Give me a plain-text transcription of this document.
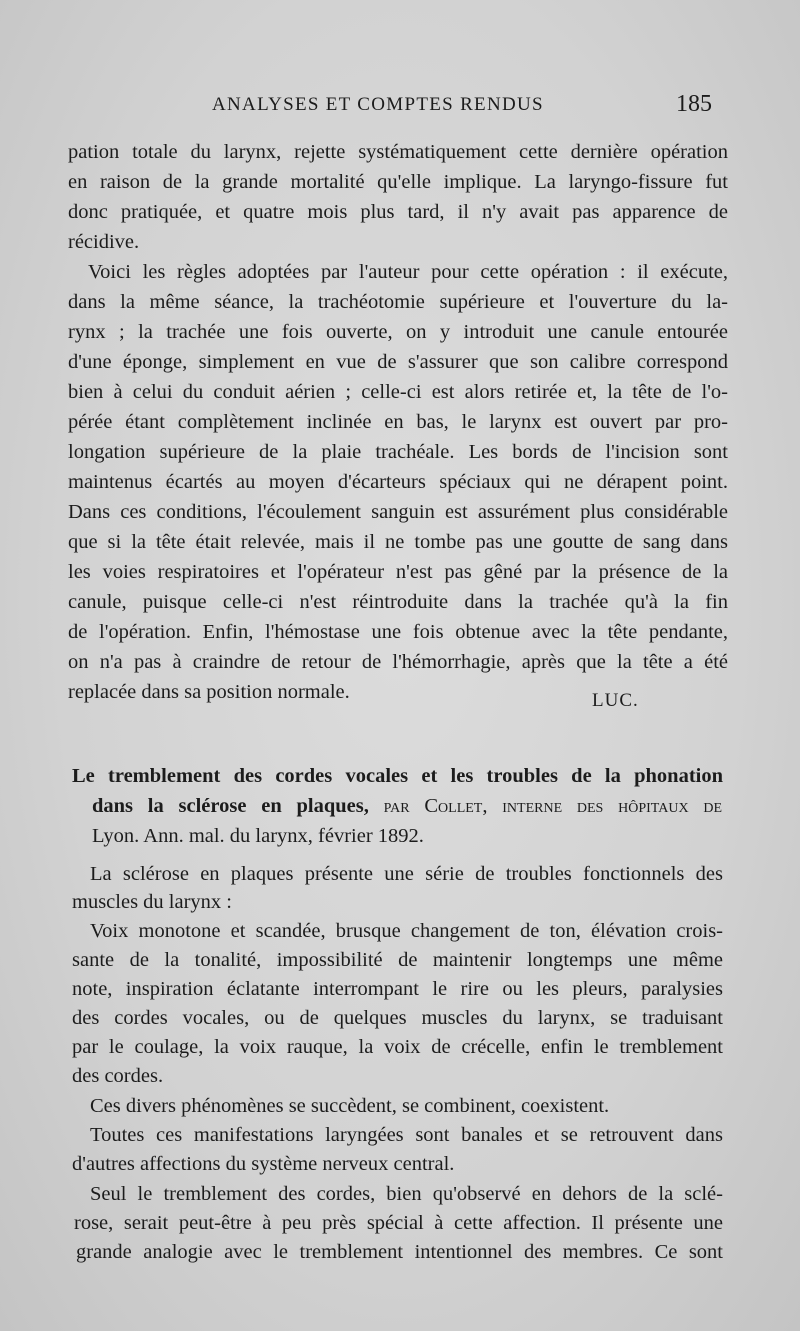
ANALYSES ET COMPTES RENDUS	185
pation totale du larynx, rejette systématiquement cette dernière opération
en raison de la grande mortalité qu'elle implique. La laryngo-fissure fut
donc pratiquée, et quatre mois plus tard, il n'y avait pas apparence de
récidive.
Voici les règles adoptées par l'auteur pour cette opération : il exécute,
dans la même séance, la trachéotomie supérieure et l'ouverture du la-
rynx ; la trachée une fois ouverte, on y introduit une canule entourée
d'une éponge, simplement en vue de s'assurer que son calibre correspond
bien à celui du conduit aérien ; celle-ci est alors retirée et, la tête de l'o-
pérée étant complètement inclinée en bas, le larynx est ouvert par pro-
longation supérieure de la plaie trachéale. Les bords de l'incision sont
maintenus écartés au moyen d'écarteurs spéciaux qui ne dérapent point.
Dans ces conditions, l'écoulement sanguin est assurément plus considérable
que si la tête était relevée, mais il ne tombe pas une goutte de sang dans
les voies respiratoires et l'opérateur n'est pas gêné par la présence de la
canule, puisque celle-ci n'est réintroduite dans la trachée qu'à la fin
de l'opération. Enfin, l'hémostase une fois obtenue avec la tête pendante,
on n'a pas à craindre de retour de l'hémorrhagie, après que la tête a été
replacée dans sa position normale.	LUC.
Le tremblement des cordes vocales et les troubles de la phonation
dans la sclérose en plaques, par Collet, interne des hôpitaux de
Lyon. Ann. mal. du larynx, février 1892.
La sclérose en plaques présente une série de troubles fonctionnels des
muscles du larynx :
Voix monotone et scandée, brusque changement de ton, élévation crois-
sante de la tonalité, impossibilité de maintenir longtemps une même
note, inspiration éclatante interrompant le rire ou les pleurs, paralysies
des cordes vocales, ou de quelques muscles du larynx, se traduisant
par le coulage, la voix rauque, la voix de crécelle, enfin le tremblement
des cordes.
Ces divers phénomènes se succèdent, se combinent, coexistent.
Toutes ces manifestations laryngées sont banales et se retrouvent dans
d'autres affections du système nerveux central.
Seul le tremblement des cordes, bien qu'observé en dehors de la sclé-
rose, serait peut-être à peu près spécial à cette affection. Il présente une
grande analogie avec le tremblement intentionnel des membres. Ce sont
